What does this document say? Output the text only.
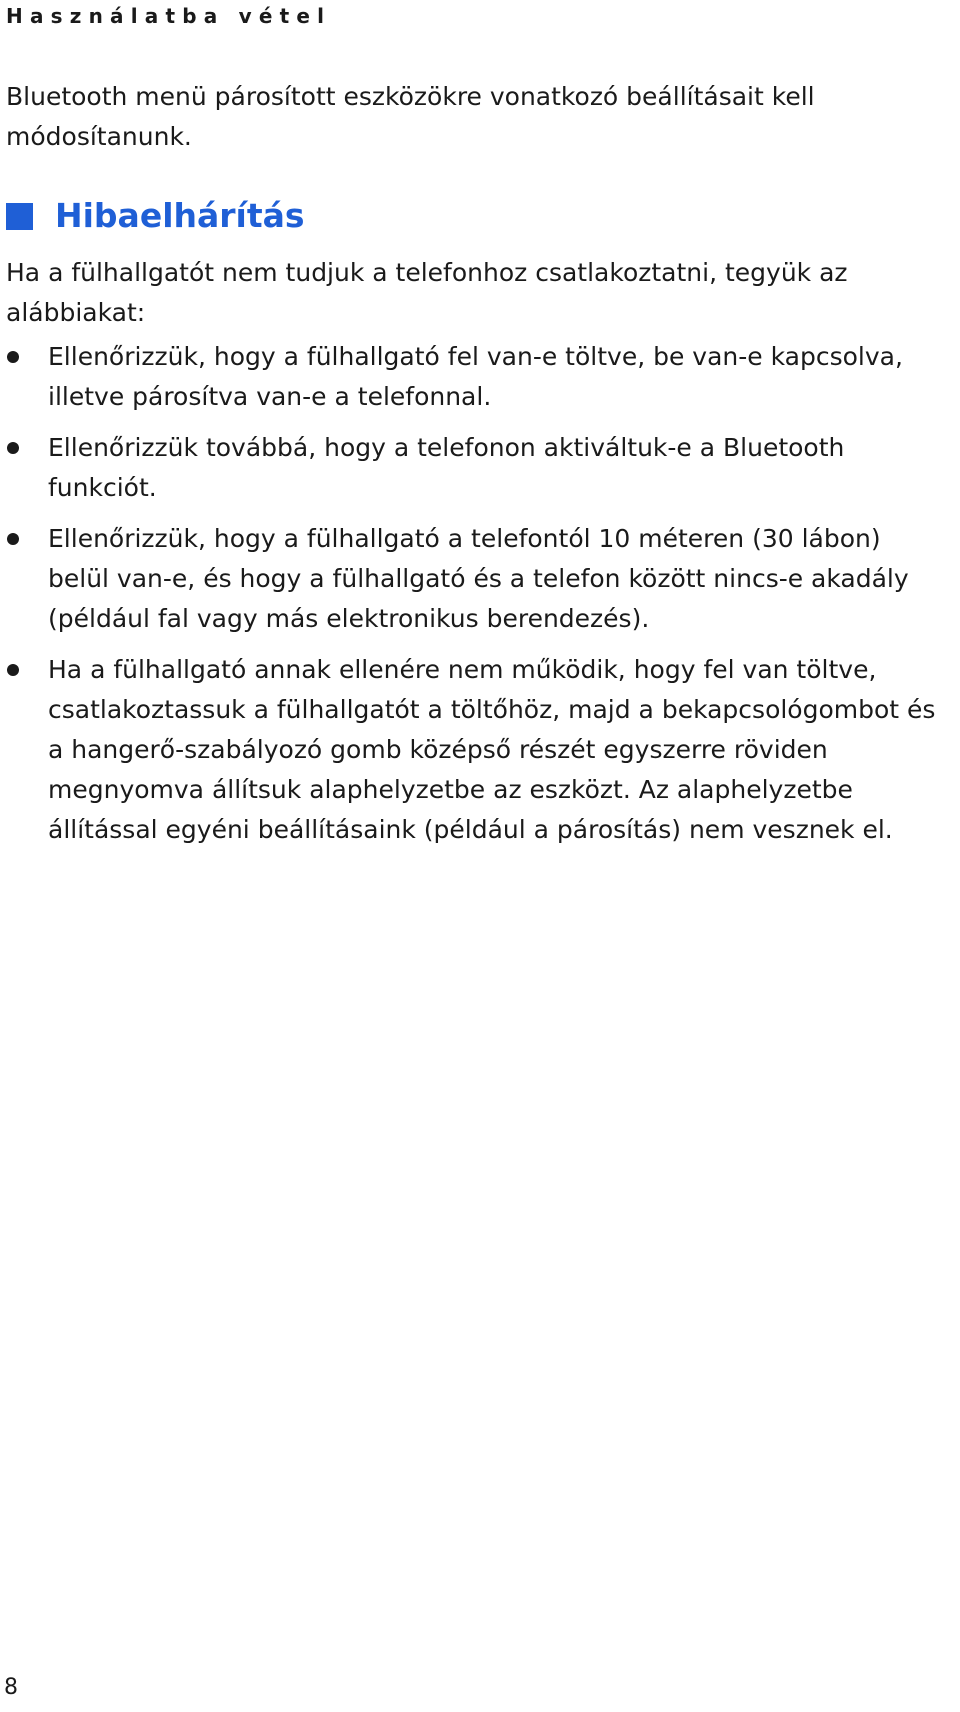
Használatba vétel

Bluetooth menü párosított eszközökre vonatkozó beállításait kell módosítanunk.

Hibaelhárítás

Ha a fülhallgatót nem tudjuk a telefonhoz csatlakoztatni, tegyük az alábbiakat:

Ellenőrizzük, hogy a fülhallgató fel van-e töltve, be van-e kapcsolva, illetve párosítva van-e a telefonnal.
Ellenőrizzük továbbá, hogy a telefonon aktiváltuk-e a Bluetooth funkciót.
Ellenőrizzük, hogy a fülhallgató a telefontól 10 méteren (30 lábon) belül van-e, és hogy a fülhallgató és a telefon között nincs-e akadály (például fal vagy más elektronikus berendezés).
Ha a fülhallgató annak ellenére nem működik, hogy fel van töltve, csatlakoztassuk a fülhallgatót a töltőhöz, majd a bekapcsológombot és a hangerő-szabályozó gomb középső részét egyszerre röviden megnyomva állítsuk alaphelyzetbe az eszközt. Az alaphelyzetbe állítással egyéni beállításaink (például a párosítás) nem vesznek el.
8
